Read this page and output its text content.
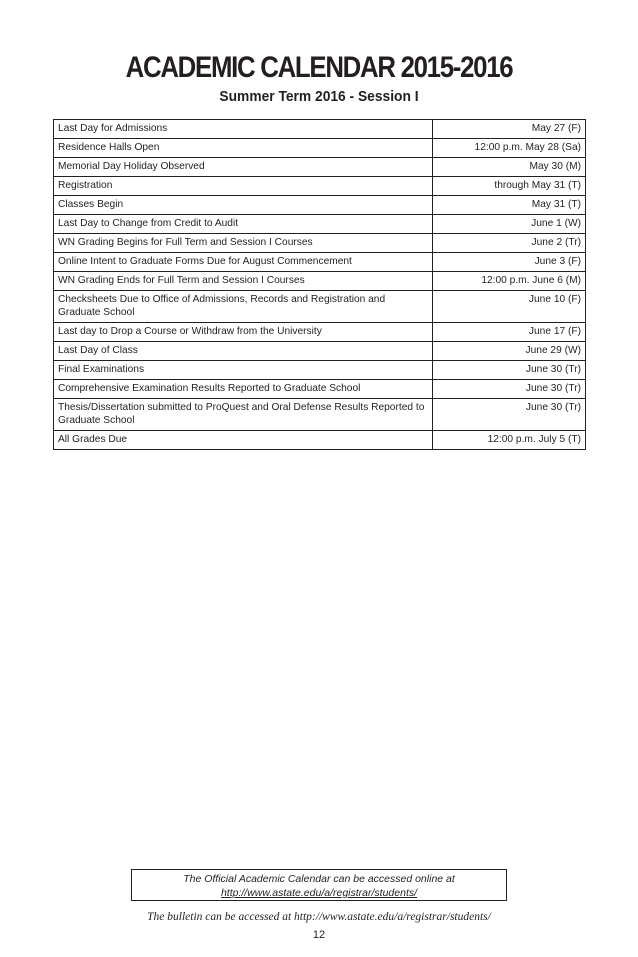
ACADEMIC CALENDAR 2015-2016
Summer Term 2016 - Session I
Last Day for Admissions	May 27 (F)
Residence Halls Open	12:00 p.m. May 28 (Sa)
Memorial Day Holiday Observed	May 30 (M)
Registration	through May 31 (T)
Classes Begin	May 31 (T)
Last Day to Change from Credit to Audit	June 1 (W)
WN Grading Begins for Full Term and Session I Courses	June 2 (Tr)
Online Intent to Graduate Forms Due for August Commencement	June 3 (F)
WN Grading Ends for Full Term and Session I Courses	12:00 p.m. June 6 (M)
Checksheets Due to Office of Admissions, Records and Registration and Graduate School	June 10 (F)
Last day to Drop a Course or Withdraw from the University	June 17 (F)
Last Day of Class	June 29 (W)
Final Examinations	June 30 (Tr)
Comprehensive Examination Results Reported to Graduate School	June 30 (Tr)
Thesis/Dissertation submitted to ProQuest and Oral Defense Results Reported to Graduate School	June 30 (Tr)
All Grades Due	12:00 p.m. July 5 (T)
The Official Academic Calendar can be accessed online at
http://www.astate.edu/a/registrar/students/
The bulletin can be accessed at http://www.astate.edu/a/registrar/students/
12
